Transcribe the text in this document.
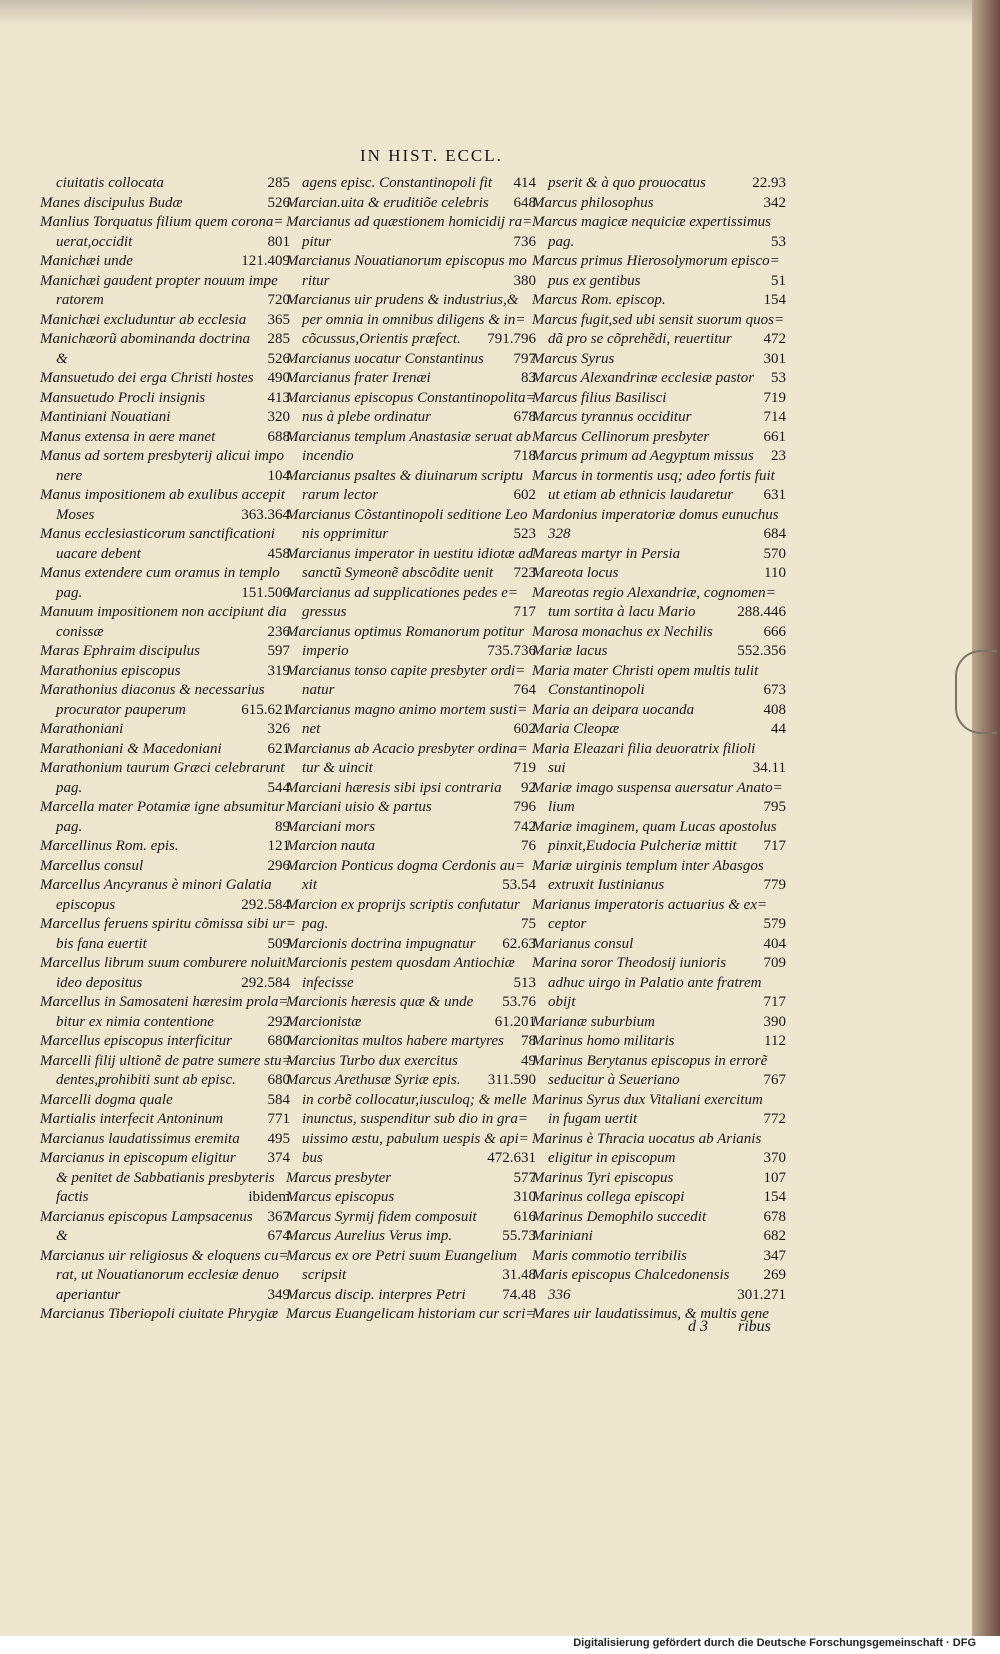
IN HIST. ECCL.
ciuitatis collocata	285
Manes discipulus Budæ	526
Manlius Torquatus filium quem corona=
uerat,occidit	801
Manichæi unde	121.409
Manichæi gaudent propter nouum impe
ratorem	720
Manichæi excluduntur ab ecclesia 365
Manichæorũ abominanda doctrina 285
&	526
Mansuetudo dei erga Christi hostes 490
Mansuetudo Procli insignis	413
Mantiniani Nouatiani	320
Manus extensa in aere manet	688
Manus ad sortem presbyterij alicui impo
nere	104
Manus impositionem ab exulibus accepit
Moses	363.364
Manus ecclesiasticorum sanctificationi
uacare debent	458
Manus extendere cum oramus in templo
pag.	151.506
Manuum impositionem non accipiunt dia
conissæ	236
Maras Ephraim discipulus	597
Marathonius episcopus	319
Marathonius diaconus & necessarius
procurator pauperum	615.621
Marathoniani	326
Marathoniani & Macedoniani	621
Marathonium taurum Græci celebrarunt
pag.	544
Marcella mater Potamiæ igne absumitur
pag.	89
Marcellinus Rom. epis.	121
Marcellus consul	296
Marcellus Ancyranus è minori Galatia
episcopus	292.584
Marcellus feruens spiritu cõmissa sibi ur=
bis fana euertit	509
Marcellus librum suum comburere noluit
ideo depositus	292.584
Marcellus in Samosateni hæresim prola=
bitur ex nimia contentione	292
Marcellus episcopus interficitur 680
Marcelli filij ultionẽ de patre sumere stu=
dentes,prohibiti sunt ab episc. 680
Marcelli dogma quale	584
Martialis interfecit Antoninum	771
Marcianus laudatissimus eremita 495
Marcianus in episcopum eligitur 374
& penitet de Sabbatianis presbyteris
factis	ibidem
Marcianus episcopus Lampsacenus 367
&	674
Marcianus uir religiosus & eloquens cu=
rat, ut Nouatianorum ecclesiæ denuo
aperiantur	349
Marcianus Tiberiopoli ciuitate Phrygiæ
agens episc. Constantinopoli fit 414
Marcian.uita & eruditiõe celebris 648
Marcianus ad quæstionem homicidij ra=
pitur	736
Marcianus Nouatianorum episcopus mo
ritur	380
Marcianus uir prudens & industrius,&
per omnia in omnibus diligens & in=
cõcussus,Orientis præfect. 791.796
Marcianus uocatur Constantinus 797
Marcianus frater Irenæi	83
Marcianus episcopus Constantinopolita=
nus à plebe ordinatur	678
Marcianus templum Anastasiæ seruat ab
incendio	718
Marcianus psaltes & diuinarum scriptu
rarum lector	602
Marcianus Cõstantinopoli seditione Leo
nis opprimitur	523
Marcianus imperator in uestitu idiotæ ad
sanctũ Symeonẽ abscõdite uenit 723
Marcianus ad supplicationes pedes e=
gressus	717
Marcianus optimus Romanorum potitur
imperio	735.736
Marcianus tonso capite presbyter ordi=
natur	764
Marcianus magno animo mortem susti=
net	602
Marcianus ab Acacio presbyter ordina=
tur & uincit	719
Marciani hæresis sibi ipsi contraria 92
Marciani uisio & partus	796
Marciani mors	742
Marcion nauta	76
Marcion Ponticus dogma Cerdonis au=
xit	53.54
Marcion ex proprijs scriptis confutatur
pag.	75
Marcionis doctrina impugnatur 62.63
Marcionis pestem quosdam Antiochiæ
infecisse	513
Marcionis hæresis quæ & unde 53.76
Marcionistæ	61.201
Marcionitas multos habere martyres 78
Marcius Turbo dux exercitus	49
Marcus Arethusæ Syriæ epis. 311.590
in corbẽ collocatur,iusculoq; & melle
inunctus, suspenditur sub dio in gra=
uissimo æstu, pabulum uespis & api=
bus	472.631
Marcus presbyter	577
Marcus episcopus	310
Marcus Syrmij fidem composuit 616
Marcus Aurelius Verus imp.	55.73
Marcus ex ore Petri suum Euangelium
scripsit	31.48
Marcus discip. interpres Petri 74.48
Marcus Euangelicam historiam cur scri=
pserit & à quo prouocatus	22.93
Marcus philosophus	342
Marcus magicæ nequiciæ expertissimus
pag.	53
Marcus primus Hierosolymorum episco=
pus ex gentibus	51
Marcus Rom. episcop.	154
Marcus fugit,sed ubi sensit suorum quos=
dã pro se cõprehẽdi, reuertitur 472
Marcus Syrus	301
Marcus Alexandrinæ ecclesiæ pastor 53
Marcus filius Basilisci	719
Marcus tyrannus occiditur	714
Marcus Cellinorum presbyter	661
Marcus primum ad Aegyptum missus 23
Marcus in tormentis usq; adeo fortis fuit
ut etiam ab ethnicis laudaretur 631
Mardonius imperatoriæ domus eunuchus
328	684
Mareas martyr in Persia	570
Mareota locus	110
Mareotas regio Alexandriæ, cognomen=
tum sortita à lacu Mario	288.446
Marosa monachus ex Nechilis	666
Mariæ lacus	552.356
Maria mater Christi opem multis tulit
Constantinopoli	673
Maria an deipara uocanda	408
Maria Cleopæ	44
Maria Eleazari filia deuoratrix filioli
sui	34.11
Mariæ imago suspensa auersatur Anato=
lium	795
Mariæ imaginem, quam Lucas apostolus
pinxit,Eudocia Pulcheriæ mittit 717
Mariæ uirginis templum inter Abasgos
extruxit Iustinianus	779
Marianus imperatoris actuarius & ex=
ceptor	579
Marianus consul	404
Marina soror Theodosij iunioris 709
adhuc uirgo in Palatio ante fratrem
obijt	717
Marianæ suburbium	390
Marinus homo militaris	112
Marinus Berytanus episcopus in errorẽ
seducitur à Seueriano	767
Marinus Syrus dux Vitaliani exercitum
in fugam uertit	772
Marinus è Thracia uocatus ab Arianis
eligitur in episcopum	370
Marinus Tyri episcopus	107
Marinus collega episcopi	154
Marinus Demophilo succedit	678
Mariniani	682
Maris commotio terribilis	347
Maris episcopus Chalcedonensis 269
336	301.271
Mares uir laudatissimus, & multis gene
d 3 ribus
Digitalisierung gefördert durch die Deutsche Forschungsgemeinschaft · DFG
